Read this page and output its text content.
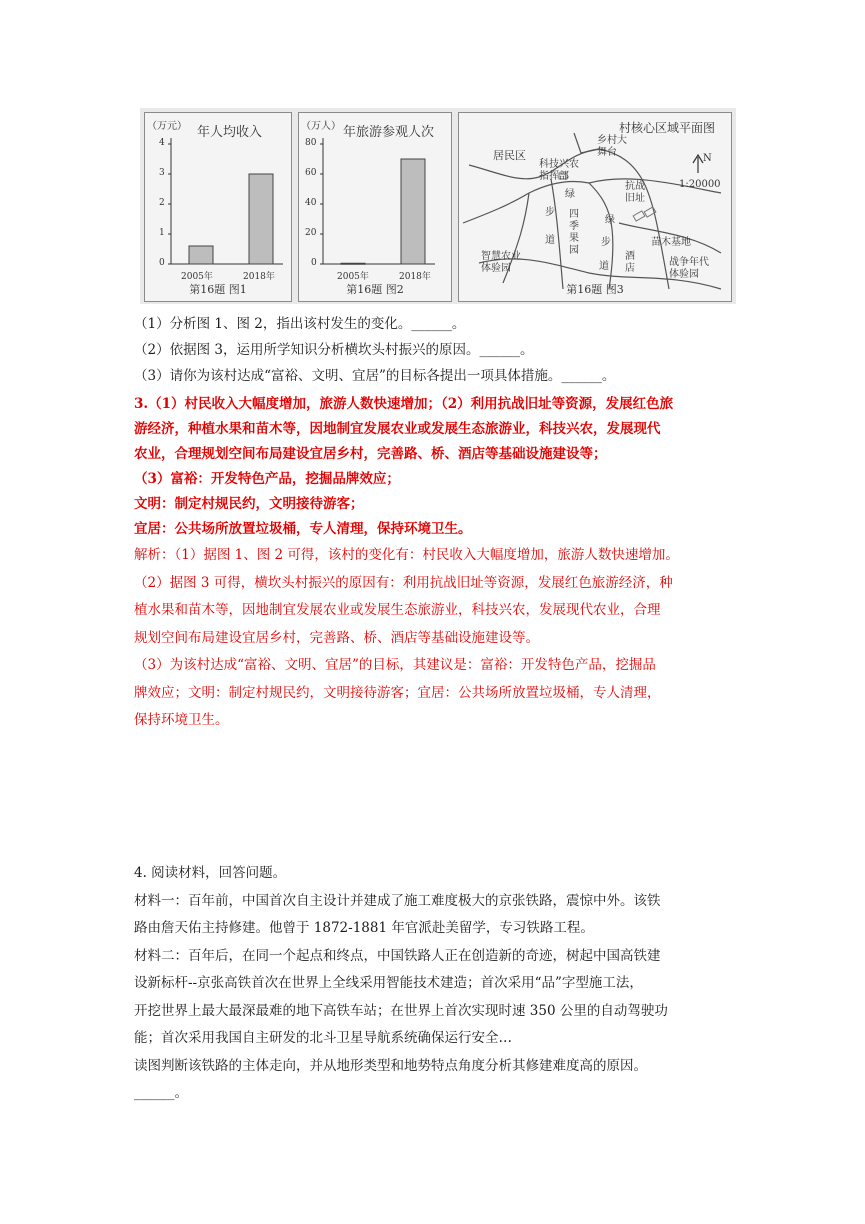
（万元） 年人均收入
4
3
2
1
0
2005年	2018年
第16题 图1
（万人） 年旅游参观人次
80
60
40
20
0
2005年	2018年
第16题 图2
村核心区域平面图
N
1:20000
居民区
乡村大舞台
科技兴农指挥部
绿
抗战旧址
步
道
四季果园
绿
步
道
苗木基地
酒店
智慧农业体验园
战争年代体验园
第16题 图3
（1）分析图 1、图 2，指出该村发生的变化。______。
（2）依据图 3，运用所学知识分析横坎头村振兴的原因。______。
（3）请你为该村达成“富裕、文明、宜居”的目标各提出一项具体措施。______。
3.（1）村民收入大幅度增加，旅游人数快速增加；（2）利用抗战旧址等资源，发展红色旅
游经济，种植水果和苗木等，因地制宜发展农业或发展生态旅游业，科技兴农，发展现代
农业，合理规划空间布局建设宜居乡村，完善路、桥、酒店等基础设施建设等；
（3）富裕：开发特色产品，挖掘品牌效应；
文明：制定村规民约，文明接待游客；
宜居：公共场所放置垃圾桶，专人清理，保持环境卫生。
解析：（1）据图 1、图 2 可得，该村的变化有：村民收入大幅度增加，旅游人数快速增加。
（2）据图 3 可得，横坎头村振兴的原因有：利用抗战旧址等资源，发展红色旅游经济，种
植水果和苗木等，因地制宜发展农业或发展生态旅游业，科技兴农，发展现代农业，合理
规划空间布局建设宜居乡村，完善路、桥、酒店等基础设施建设等。
（3）为该村达成“富裕、文明、宜居”的目标，其建议是：富裕：开发特色产品，挖掘品
牌效应；文明：制定村规民约，文明接待游客；宜居：公共场所放置垃圾桶，专人清理，
保持环境卫生。
4. 阅读材料，回答问题。
材料一：百年前，中国首次自主设计并建成了施工难度极大的京张铁路，震惊中外。该铁
路由詹天佑主持修建。他曾于 1872-1881 年官派赴美留学，专习铁路工程。
材料二：百年后，在同一个起点和终点，中国铁路人正在创造新的奇迹，树起中国高铁建
设新标杆--京张高铁首次在世界上全线采用智能技术建造；首次采用“品”字型施工法，
开挖世界上最大最深最难的地下高铁车站；在世界上首次实现时速 350 公里的自动驾驶功
能；首次采用我国自主研发的北斗卫星导航系统确保运行安全…
读图判断该铁路的主体走向，并从地形类型和地势特点角度分析其修建难度高的原因。
______。
